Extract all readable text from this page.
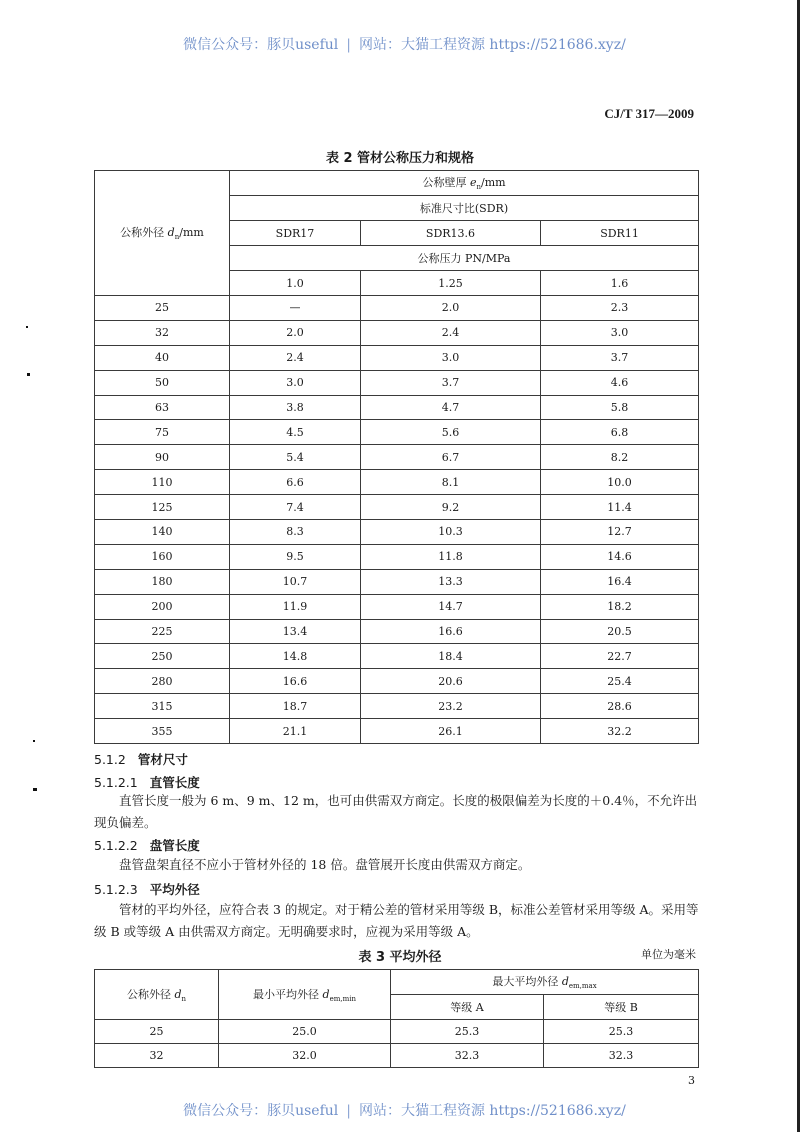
微信公众号：豚贝useful | 网站：大猫工程资源 https://521686.xyz/

CJ/T 317—2009
表 2 管材公称压力和规格
公称外径 $d_n/mm$	公称壁厚 $e_n/mm$		
	标准尺寸比(SDR)		
	SDR17	SDR13.6	SDR11
	公称压力 PN/MPa		
	1.0	1.25	1.6
25	—	2.0	2.3
32	2.0	2.4	3.0
40	2.4	3.0	3.7
50	3.0	3.7	4.6
63	3.8	4.7	5.8
75	4.5	5.6	6.8
90	5.4	6.7	8.2
110	6.6	8.1	10.0
125	7.4	9.2	11.4
140	8.3	10.3	12.7
160	9.5	11.8	14.6
180	10.7	13.3	16.4
200	11.9	14.7	18.2
225	13.4	16.6	20.5
250	14.8	18.4	22.7
280	16.6	20.6	25.4
315	18.7	23.2	28.6
355	21.1	26.1	32.2
5.1.2 管材尺寸
5.1.2.1 直管长度
直管长度一般为 6 m、9 m、12 m，也可由供需双方商定。长度的极限偏差为长度的＋0.4％，不允许出现负偏差。
5.1.2.2 盘管长度
盘管盘架直径不应小于管材外径的 18 倍。盘管展开长度由供需双方商定。
5.1.2.3 平均外径
管材的平均外径，应符合表 3 的规定。对于精公差的管材采用等级 B，标准公差管材采用等级 A。采用等级 B 或等级 A 由供需双方商定。无明确要求时，应视为采用等级 A。
表 3 平均外径	单位为毫米
公称外径 $d_n$	最小平均外径 $d_{em,min}$	最大平均外径 $d_{em,max}$
		等级 A	等级 B
25	25.0	25.3	25.3
32	32.0	32.3	32.3
3

微信公众号：豚贝useful | 网站：大猫工程资源 https://521686.xyz/
